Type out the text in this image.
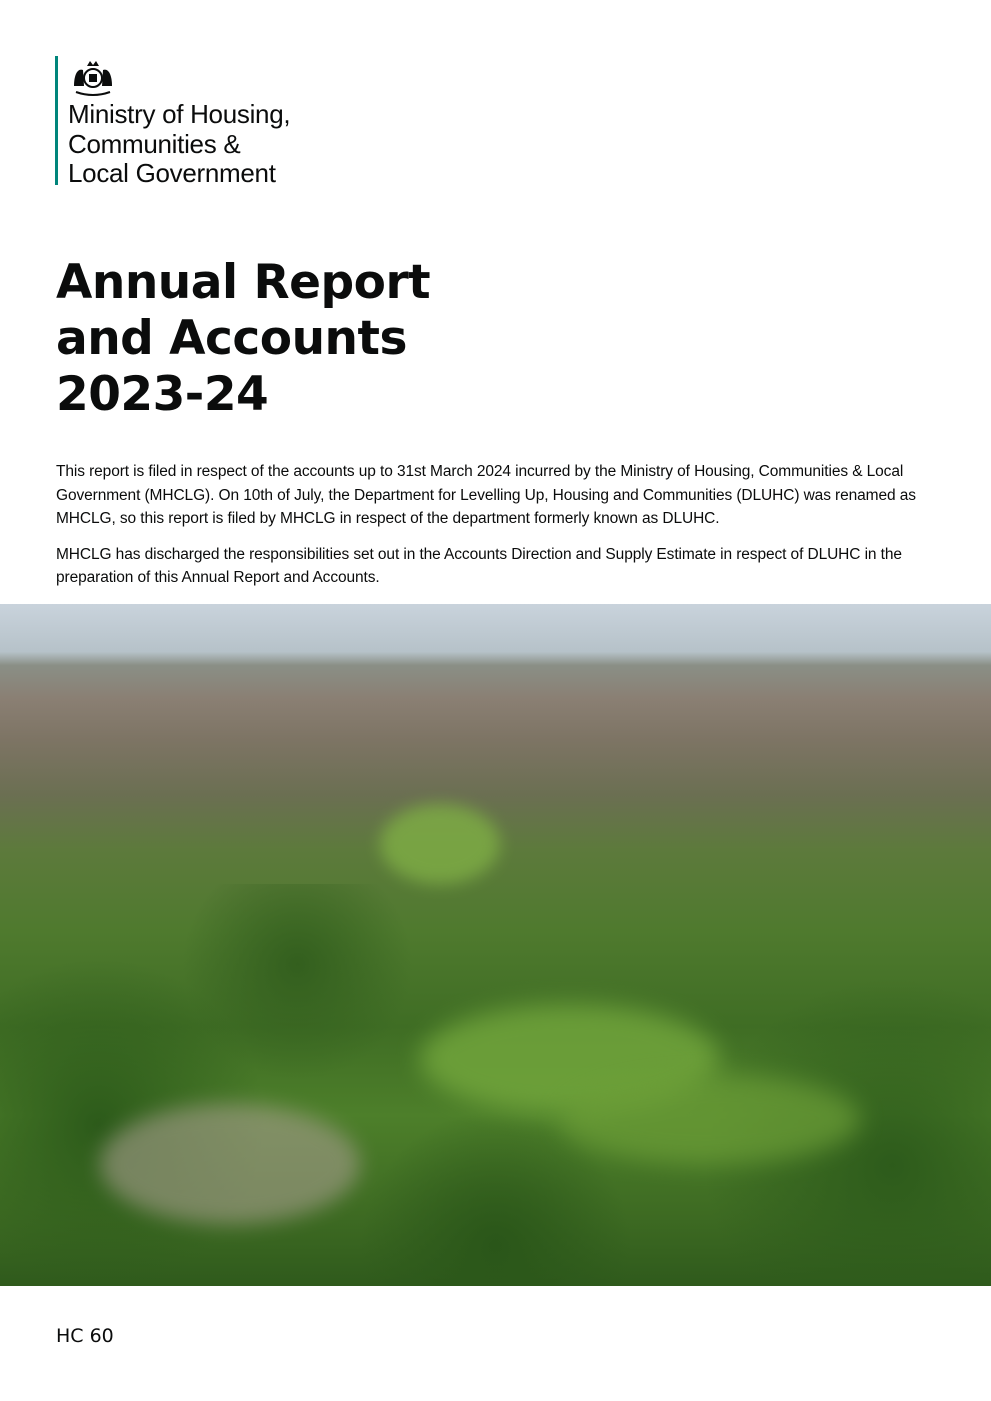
Ministry of Housing,
Communities &
Local Government
Annual Report
and Accounts
2023-24

This report is filed in respect of the accounts up to 31st March 2024 incurred by the Ministry of Housing, Communities & Local Government (MHCLG). On 10th of July, the Department for Levelling Up, Housing and Communities (DLUHC) was renamed as MHCLG, so this report is filed by MHCLG in respect of the department formerly known as DLUHC.

MHCLG has discharged the responsibilities set out in the Accounts Direction and Supply Estimate in respect of DLUHC in the preparation of this Annual Report and Accounts.

HC 60
